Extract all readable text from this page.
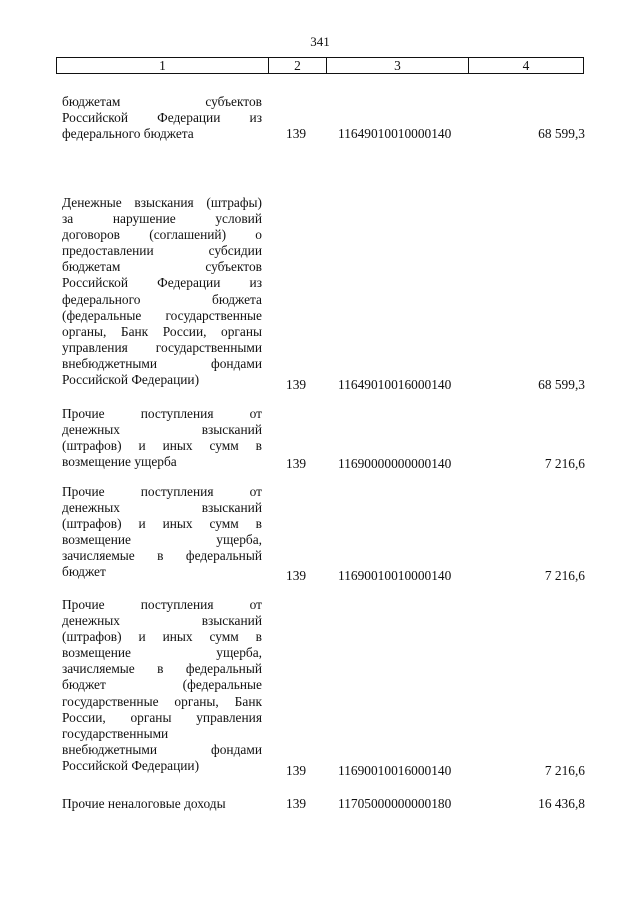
341
1	2	3	4
бюджетам субъектов
Российской Федерации из
федерального бюджета	139	11649010010000140	68 599,3
Денежные взыскания (штрафы)
за нарушение условий
договоров (соглашений) о
предоставлении субсидии
бюджетам субъектов
Российской Федерации из
федерального бюджета
(федеральные государственные
органы, Банк России, органы
управления государственными
внебюджетными фондами
Российской Федерации)	139	11649010016000140	68 599,3
Прочие поступления от
денежных взысканий
(штрафов) и иных сумм в
возмещение ущерба	139	11690000000000140	7 216,6
Прочие поступления от
денежных взысканий
(штрафов) и иных сумм в
возмещение ущерба,
зачисляемые в федеральный
бюджет	139	11690010010000140	7 216,6
Прочие поступления от
денежных взысканий
(штрафов) и иных сумм в
возмещение ущерба,
зачисляемые в федеральный
бюджет (федеральные
государственные органы, Банк
России, органы управления
государственными
внебюджетными фондами
Российской Федерации)	139	11690010016000140	7 216,6
Прочие неналоговые доходы	139	11705000000000180	16 436,8
